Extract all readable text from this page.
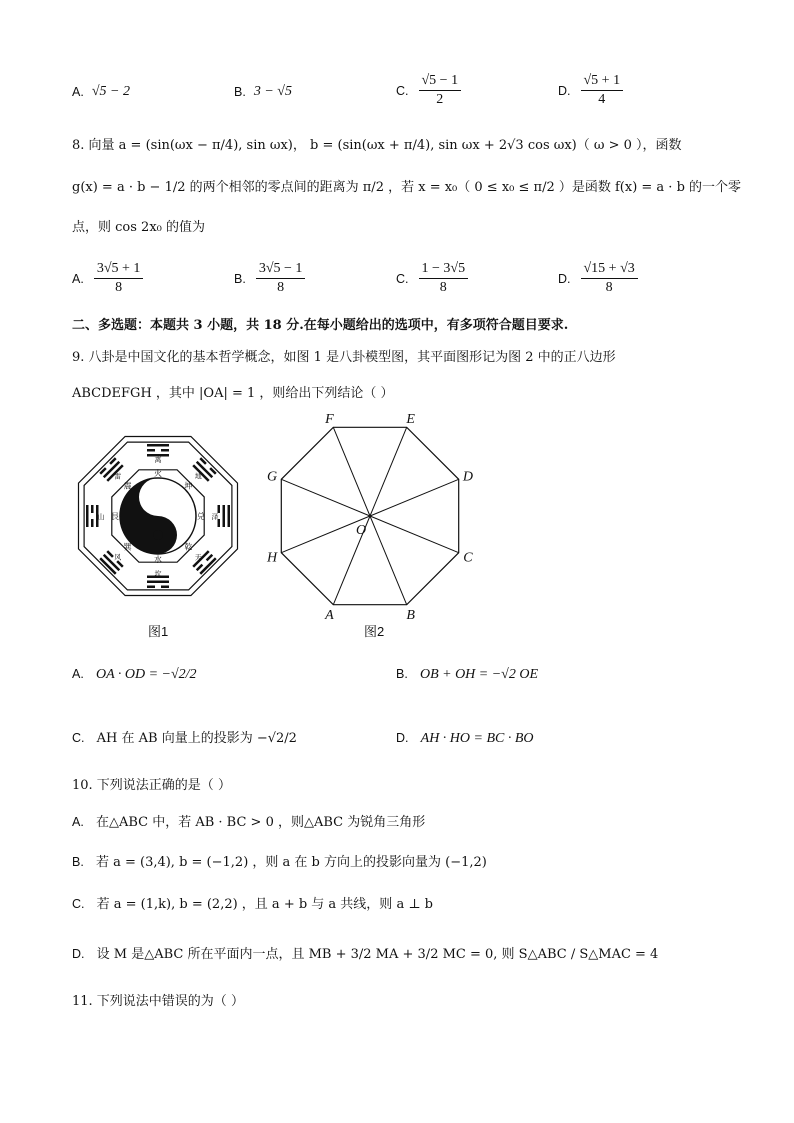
A. √5 − 2	B. 3 − √5	C. $\frac{√5 - 1}{2}$	D. $\frac{√5 + 1}{4}$
8. 向量 a = (sin(ωx − π/4), sin ωx)， b = (sin(ωx + π/4), sin ωx + 2√3 cos ωx)（ ω > 0 ），函数
g(x) = a · b − 1/2 的两个相邻的零点间的距离为 π/2 ，若 x = x₀（ 0 ≤ x₀ ≤ π/2 ）是函数 f(x) = a · b 的一个零
点，则 cos 2x₀ 的值为
A. $\frac{3√5 + 1}{8}$	B. $\frac{3√5 - 1}{8}$	C. $\frac{1 - 3√5}{8}$	D. $\frac{√15 + √3}{8}$
二、多选题：本题共 3 小题，共 18 分.在每小题给出的选项中，有多项符合题目要求.
9. 八卦是中国文化的基本哲学概念，如图 1 是八卦模型图，其平面图形记为图 2 中的正八边形
ABCDEFGH ，其中 |OA| = 1 ，则给出下列结论（ ）
火
离
坤
地
兑 泽
乾
天
水
坎
巽
风
艮
山
震
雷
图1
A	B
C
D
E
F
G
H
O
图2
A. OA · OD = −√2/2	B. OB + OH = −√2 OE
C. AH 在 AB 向量上的投影为 −√2/2	D. AH · HO = BC · BO
10. 下列说法正确的是（ ）
A. 在△ABC 中，若 AB · BC > 0 ，则△ABC 为锐角三角形
B. 若 a = (3,4), b = (−1,2) ，则 a 在 b 方向上的投影向量为 (−1,2)
C. 若 a = (1,k), b = (2,2) ，且 a + b 与 a 共线，则 a ⊥ b
D. 设 M 是△ABC 所在平面内一点，且 MB + 3/2 MA + 3/2 MC = 0, 则 S△ABC / S△MAC = 4
11. 下列说法中错误的为（ ）
